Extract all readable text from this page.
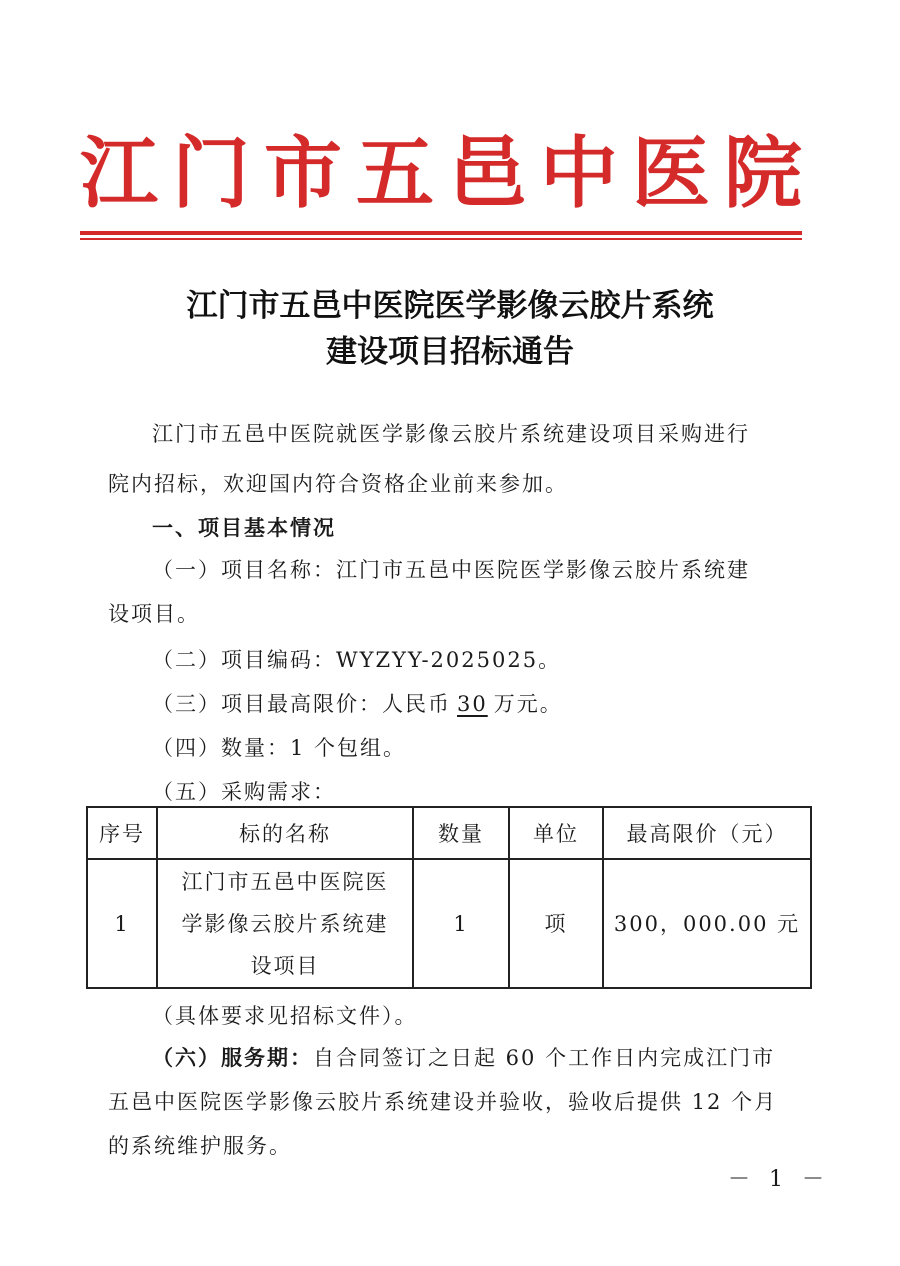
江 门 市 五 邑 中 医 院
江门市五邑中医院医学影像云胶片系统
建设项目招标通告

江门市五邑中医院就医学影像云胶片系统建设项目采购进行

院内招标，欢迎国内符合资格企业前来参加。

一、项目基本情况

（一）项目名称：江门市五邑中医院医学影像云胶片系统建

设项目。

（二）项目编码：WYZYY-2025025。

（三）项目最高限价：人民币 30 万元。

（四）数量：1 个包组。

（五）采购需求：

序号	标的名称	数量	单位	最高限价（元）
1	江门市五邑中医院医
学影像云胶片系统建
设项目	1	项	300，000.00 元

（具体要求见招标文件）。

（六）服务期：自合同签订之日起 60 个工作日内完成江门市

五邑中医院医学影像云胶片系统建设并验收，验收后提供 12 个月

的系统维护服务。

－ 1 －
